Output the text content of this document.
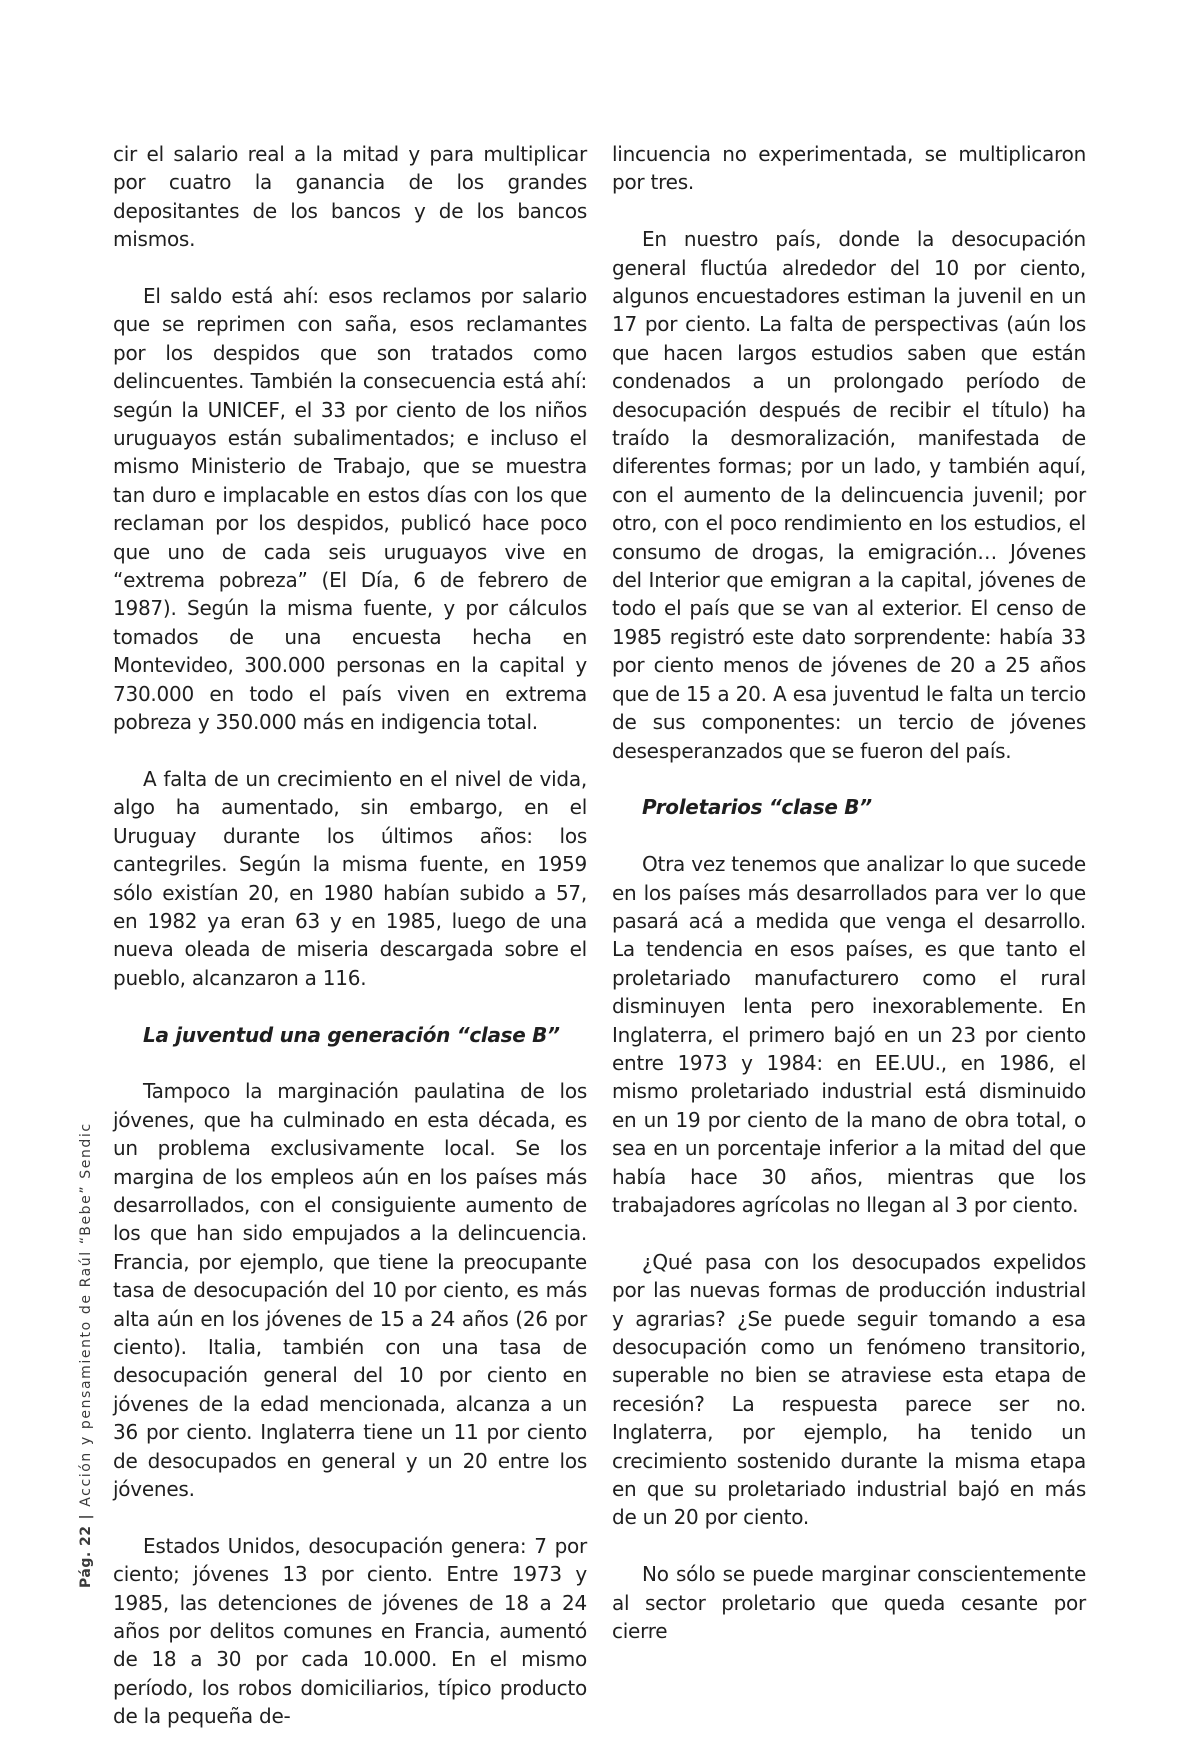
Pág. 22|Acción y pensamiento de Raúl “Bebe” Sendic

cir el salario real a la mitad y para multiplicar por cuatro la ganancia de los grandes depositantes de los bancos y de los bancos mismos.

El saldo está ahí: esos reclamos por salario que se reprimen con saña, esos reclamantes por los despidos que son tratados como delincuentes. También la consecuencia está ahí: según la UNICEF, el 33 por ciento de los niños uruguayos están subalimentados; e incluso el mismo Ministerio de Trabajo, que se muestra tan duro e implacable en estos días con los que reclaman por los despidos, publicó hace poco que uno de cada seis uruguayos vive en “extrema pobreza” (El Día, 6 de febrero de 1987). Según la misma fuente, y por cálculos tomados de una encuesta hecha en Montevideo, 300.000 personas en la capital y 730.000 en todo el país viven en extrema pobreza y 350.000 más en indigencia total.

A falta de un crecimiento en el nivel de vida, algo ha aumentado, sin embargo, en el Uruguay durante los últimos años: los cantegriles. Según la misma fuente, en 1959 sólo existían 20, en 1980 habían subido a 57, en 1982 ya eran 63 y en 1985, luego de una nueva oleada de miseria descargada sobre el pueblo, alcanzaron a 116.

La juventud una generación “clase B”

Tampoco la marginación paulatina de los jóvenes, que ha culminado en esta década, es un problema exclusivamente local. Se los margina de los empleos aún en los países más desarrollados, con el consiguiente aumento de los que han sido empujados a la delincuencia. Francia, por ejemplo, que tiene la preocupante tasa de desocupación del 10 por ciento, es más alta aún en los jóvenes de 15 a 24 años (26 por ciento). Italia, también con una tasa de desocupación general del 10 por ciento en jóvenes de la edad mencionada, alcanza a un 36 por ciento. Inglaterra tiene un 11 por ciento de desocupados en general y un 20 entre los jóvenes.

Estados Unidos, desocupación genera: 7 por ciento; jóvenes 13 por ciento. Entre 1973 y 1985, las detenciones de jóvenes de 18 a 24 años por delitos comunes en Francia, aumentó de 18 a 30 por cada 10.000. En el mismo período, los robos domiciliarios, típico producto de la pequeña de-

lincuencia no experimentada, se multiplicaron por tres.

En nuestro país, donde la desocupación general fluctúa alrededor del 10 por ciento, algunos encuestadores estiman la juvenil en un 17 por ciento. La falta de perspectivas (aún los que hacen largos estudios saben que están condenados a un prolongado período de desocupación después de recibir el título) ha traído la desmoralización, manifestada de diferentes formas; por un lado, y también aquí, con el aumento de la delincuencia juvenil; por otro, con el poco rendimiento en los estudios, el consumo de drogas, la emigración… Jóvenes del Interior que emigran a la capital, jóvenes de todo el país que se van al exterior. El censo de 1985 registró este dato sorprendente: había 33 por ciento menos de jóvenes de 20 a 25 años que de 15 a 20. A esa juventud le falta un tercio de sus componentes: un tercio de jóvenes desesperanzados que se fueron del país.

Proletarios “clase B”

Otra vez tenemos que analizar lo que sucede en los países más desarrollados para ver lo que pasará acá a medida que venga el desarrollo. La tendencia en esos países, es que tanto el proletariado manufacturero como el rural disminuyen lenta pero inexorablemente. En Inglaterra, el primero bajó en un 23 por ciento entre 1973 y 1984: en EE.UU., en 1986, el mismo proletariado industrial está disminuido en un 19 por ciento de la mano de obra total, o sea en un porcentaje inferior a la mitad del que había hace 30 años, mientras que los trabajadores agrícolas no llegan al 3 por ciento.

¿Qué pasa con los desocupados expelidos por las nuevas formas de producción industrial y agrarias? ¿Se puede seguir tomando a esa desocupación como un fenómeno transitorio, superable no bien se atraviese esta etapa de recesión? La respuesta parece ser no. Inglaterra, por ejemplo, ha tenido un crecimiento sostenido durante la misma etapa en que su proletariado industrial bajó en más de un 20 por ciento.

No sólo se puede marginar conscientemente al sector proletario que queda cesante por cierre
